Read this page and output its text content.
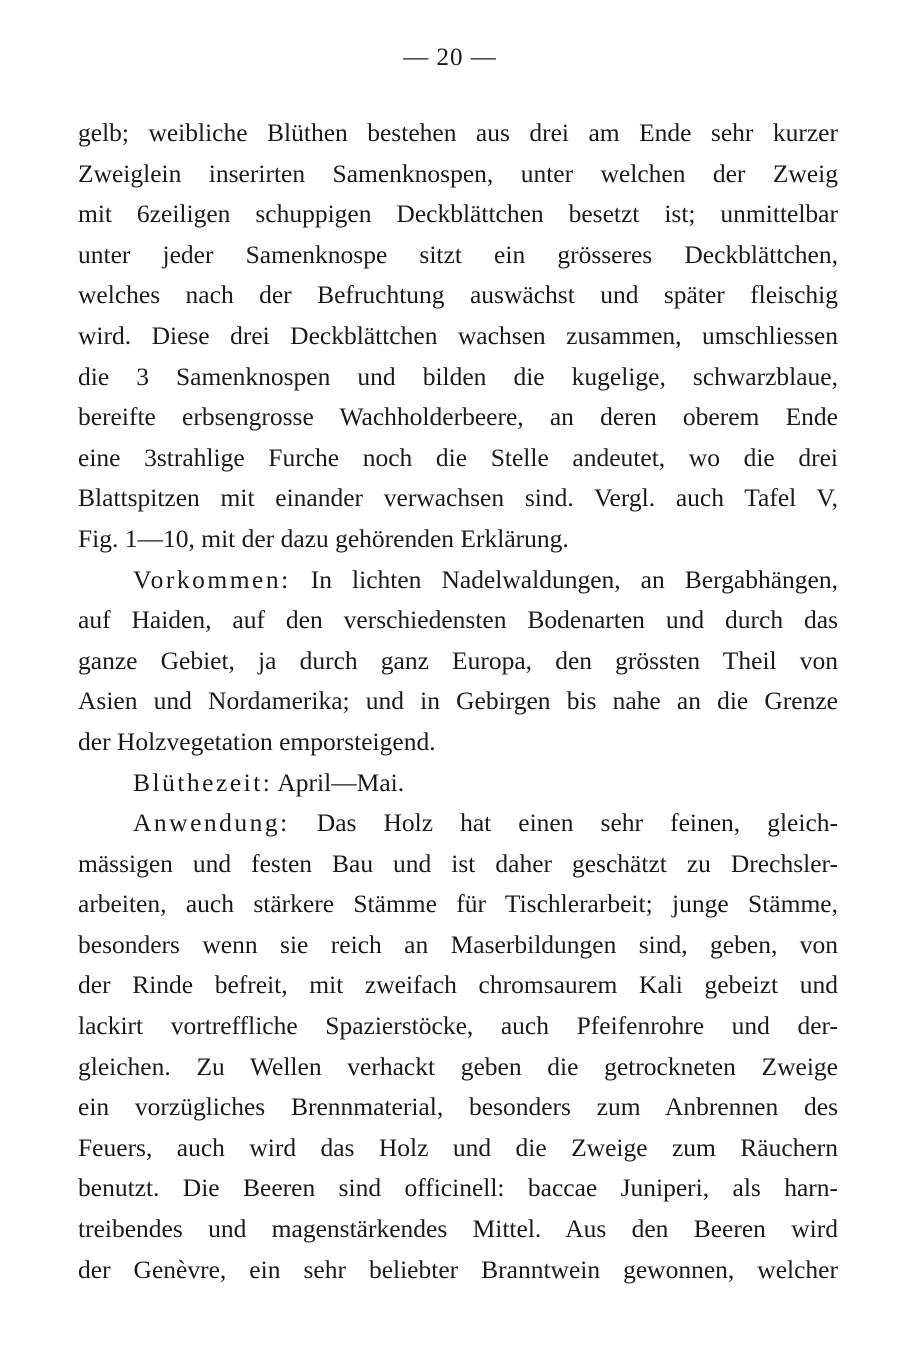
— 20 —
gelb; weibliche Blüthen bestehen aus drei am Ende sehr kurzer
Zweiglein inserirten Samenknospen, unter welchen der Zweig
mit 6zeiligen schuppigen Deckblättchen besetzt ist; unmittelbar
unter jeder Samenknospe sitzt ein grösseres Deckblättchen,
welches nach der Befruchtung auswächst und später fleischig
wird. Diese drei Deckblättchen wachsen zusammen, umschliessen
die 3 Samenknospen und bilden die kugelige, schwarzblaue,
bereifte erbsengrosse Wachholderbeere, an deren oberem Ende
eine 3strahlige Furche noch die Stelle andeutet, wo die drei
Blattspitzen mit einander verwachsen sind. Vergl. auch Tafel V,
Fig. 1—10, mit der dazu gehörenden Erklärung.
Vorkommen: In lichten Nadelwaldungen, an Bergabhängen,
auf Haiden, auf den verschiedensten Bodenarten und durch das
ganze Gebiet, ja durch ganz Europa, den grössten Theil von
Asien und Nordamerika; und in Gebirgen bis nahe an die Grenze
der Holzvegetation emporsteigend.
Blüthezeit: April—Mai.
Anwendung: Das Holz hat einen sehr feinen, gleich-
mässigen und festen Bau und ist daher geschätzt zu Drechsler-
arbeiten, auch stärkere Stämme für Tischlerarbeit; junge Stämme,
besonders wenn sie reich an Maserbildungen sind, geben, von
der Rinde befreit, mit zweifach chromsaurem Kali gebeizt und
lackirt vortreffliche Spazierstöcke, auch Pfeifenrohre und der-
gleichen. Zu Wellen verhackt geben die getrockneten Zweige
ein vorzügliches Brennmaterial, besonders zum Anbrennen des
Feuers, auch wird das Holz und die Zweige zum Räuchern
benutzt. Die Beeren sind officinell: baccae Juniperi, als harn-
treibendes und magenstärkendes Mittel. Aus den Beeren wird
der Genèvre, ein sehr beliebter Branntwein gewonnen, welcher
